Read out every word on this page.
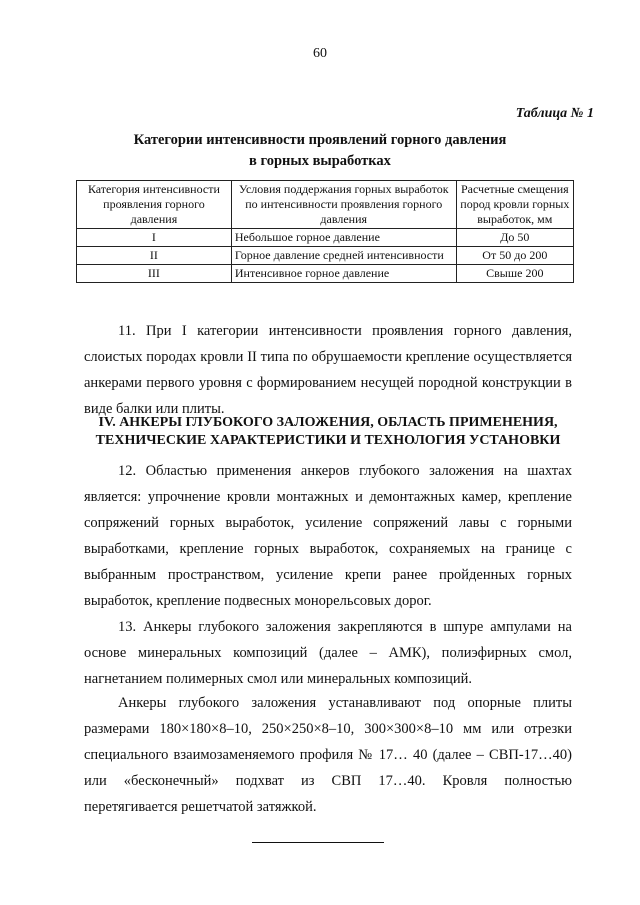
60
Таблица № 1
Категории интенсивности проявлений горного давления
в горных выработках
Категория интенсивности проявления горного давления	Условия поддержания горных выработок по интенсивности проявления горного давления	Расчетные смещения пород кровли горных выработок, мм
I	Небольшое горное давление	До 50
II	Горное давление средней интенсивности	От 50 до 200
III	Интенсивное горное давление	Свыше 200

11. При I категории интенсивности проявления горного давления, слоистых породах кровли II типа по обрушаемости крепление осуществляется анкерами первого уровня с формированием несущей породной конструкции в виде балки или плиты.

IV. АНКЕРЫ ГЛУБОКОГО ЗАЛОЖЕНИЯ, ОБЛАСТЬ ПРИМЕНЕНИЯ,
ТЕХНИЧЕСКИЕ ХАРАКТЕРИСТИКИ И ТЕХНОЛОГИЯ УСТАНОВКИ

12. Областью применения анкеров глубокого заложения на шахтах является: упрочнение кровли монтажных и демонтажных камер, крепление сопряжений горных выработок, усиление сопряжений лавы с горными выработками, крепление горных выработок, сохраняемых на границе с выбранным пространством, усиление крепи ранее пройденных горных выработок, крепление подвесных монорельсовых дорог.

13. Анкеры глубокого заложения закрепляются в шпуре ампулами на основе минеральных композиций (далее – АМК), полиэфирных смол, нагнетанием полимерных смол или минеральных композиций.

Анкеры глубокого заложения устанавливают под опорные плиты размерами 180×180×8–10, 250×250×8–10, 300×300×8–10 мм или отрезки специального взаимозаменяемого профиля № 17… 40 (далее – СВП-17…40) или «бесконечный» подхват из СВП 17…40. Кровля полностью перетягивается решетчатой затяжкой.
